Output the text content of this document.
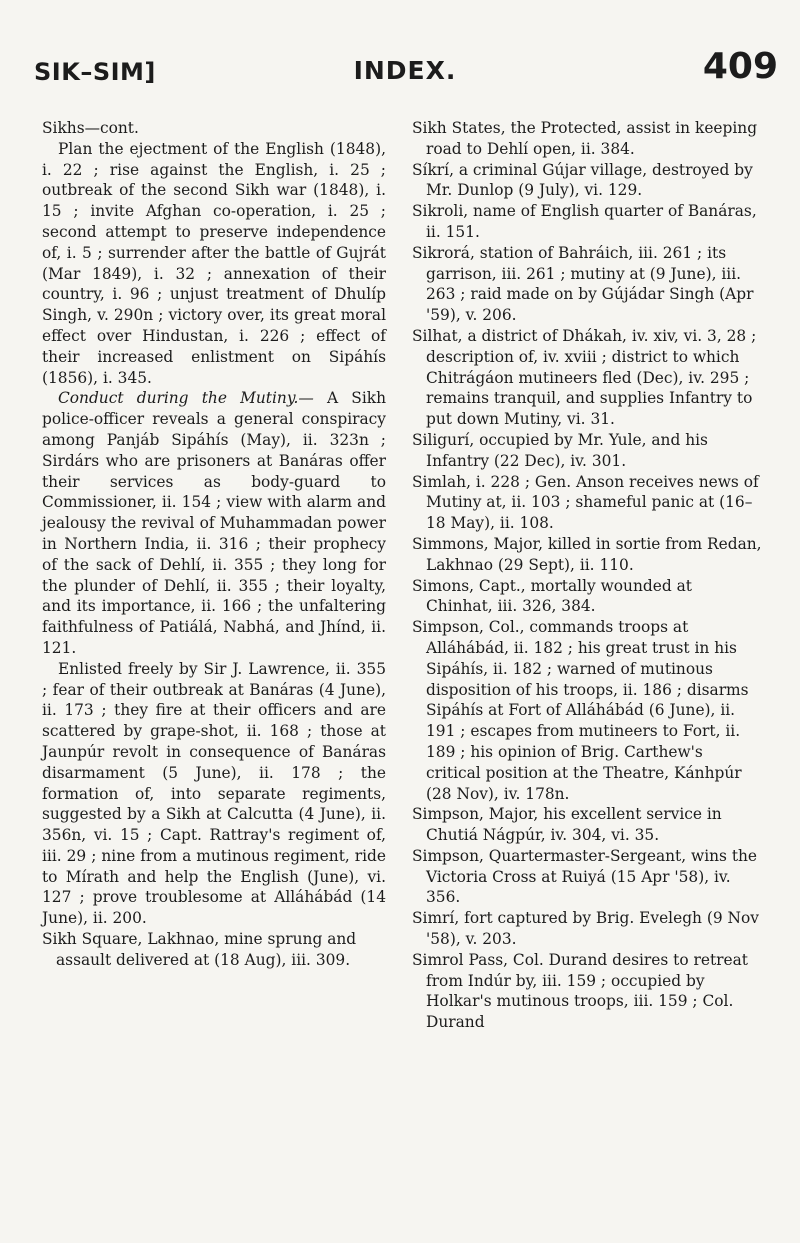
SIK–SIM]	INDEX.	409
Sikhs—cont.
Plan the ejectment of the English (1848), i. 22 ; rise against the English, i. 25 ; outbreak of the second Sikh war (1848), i. 15 ; invite Afghan co-operation, i. 25 ; second attempt to preserve independence of, i. 5 ; surrender after the battle of Gujrát (Mar 1849), i. 32 ; annexation of their country, i. 96 ; unjust treatment of Dhulíp Singh, v. 290n ; victory over, its great moral effect over Hindustan, i. 226 ; effect of their increased enlistment on Sipáhís (1856), i. 345.
Conduct during the Mutiny.— A Sikh police-officer reveals a general conspiracy among Panjáb Sipáhís (May), ii. 323n ; Sirdárs who are prisoners at Banáras offer their services as body-guard to Commissioner, ii. 154 ; view with alarm and jealousy the revival of Muhammadan power in Northern India, ii. 316 ; their prophecy of the sack of Dehlí, ii. 355 ; they long for the plunder of Dehlí, ii. 355 ; their loyalty, and its importance, ii. 166 ; the unfaltering faithfulness of Patiálá, Nabhá, and Jhínd, ii. 121.
Enlisted freely by Sir J. Lawrence, ii. 355 ; fear of their outbreak at Banáras (4 June), ii. 173 ; they fire at their officers and are scattered by grape-shot, ii. 168 ; those at Jaunpúr revolt in consequence of Banáras disarmament (5 June), ii. 178 ; the formation of, into separate regiments, suggested by a Sikh at Calcutta (4 June), ii. 356n, vi. 15 ; Capt. Rattray's regiment of, iii. 29 ; nine from a mutinous regiment, ride to Mírath and help the English (June), vi. 127 ; prove troublesome at Alláhábád (14 June), ii. 200.
Sikh Square, Lakhnao, mine sprung and assault delivered at (18 Aug), iii. 309.
Sikh States, the Protected, assist in keeping road to Dehlí open, ii. 384.
Síkrí, a criminal Gújar village, destroyed by Mr. Dunlop (9 July), vi. 129.
Sikroli, name of English quarter of Banáras, ii. 151.
Sikrorá, station of Bahráich, iii. 261 ; its garrison, iii. 261 ; mutiny at (9 June), iii. 263 ; raid made on by Gújádar Singh (Apr '59), v. 206.
Silhat, a district of Dhákah, iv. xiv, vi. 3, 28 ; description of, iv. xviii ; district to which Chitrágáon mutineers fled (Dec), iv. 295 ; remains tranquil, and supplies Infantry to put down Mutiny, vi. 31.
Siligurí, occupied by Mr. Yule, and his Infantry (22 Dec), iv. 301.
Simlah, i. 228 ; Gen. Anson receives news of Mutiny at, ii. 103 ; shameful panic at (16–18 May), ii. 108.
Simmons, Major, killed in sortie from Redan, Lakhnao (29 Sept), ii. 110.
Simons, Capt., mortally wounded at Chinhat, iii. 326, 384.
Simpson, Col., commands troops at Alláhábád, ii. 182 ; his great trust in his Sipáhís, ii. 182 ; warned of mutinous disposition of his troops, ii. 186 ; disarms Sipáhís at Fort of Alláhábád (6 June), ii. 191 ; escapes from mutineers to Fort, ii. 189 ; his opinion of Brig. Carthew's critical position at the Theatre, Kánhpúr (28 Nov), iv. 178n.
Simpson, Major, his excellent service in Chutiá Nágpúr, iv. 304, vi. 35.
Simpson, Quartermaster-Sergeant, wins the Victoria Cross at Ruiyá (15 Apr '58), iv. 356.
Simrí, fort captured by Brig. Evelegh (9 Nov '58), v. 203.
Simrol Pass, Col. Durand desires to retreat from Indúr by, iii. 159 ; occupied by Holkar's mutinous troops, iii. 159 ; Col. Durand
